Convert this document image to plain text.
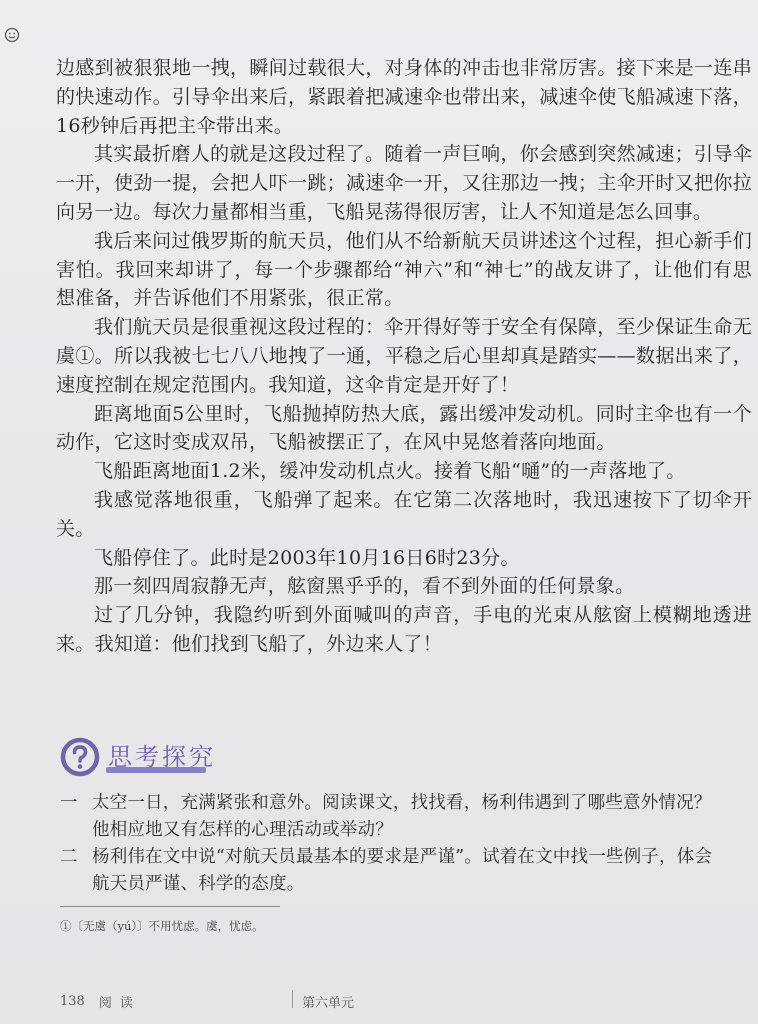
边感到被狠狠地一拽，瞬间过载很大，对身体的冲击也非常厉害。接下来是一连串的快速动作。引导伞出来后，紧跟着把减速伞也带出来，减速伞使飞船减速下落，16秒钟后再把主伞带出来。

其实最折磨人的就是这段过程了。随着一声巨响，你会感到突然减速；引导伞一开，使劲一提，会把人吓一跳；减速伞一开，又往那边一拽；主伞开时又把你拉向另一边。每次力量都相当重，飞船晃荡得很厉害，让人不知道是怎么回事。

我后来问过俄罗斯的航天员，他们从不给新航天员讲述这个过程，担心新手们害怕。我回来却讲了，每一个步骤都给“神六”和“神七”的战友讲了，让他们有思想准备，并告诉他们不用紧张，很正常。

我们航天员是很重视这段过程的：伞开得好等于安全有保障，至少保证生命无虞①。所以我被七七八八地拽了一通，平稳之后心里却真是踏实——数据出来了，速度控制在规定范围内。我知道，这伞肯定是开好了！

距离地面5公里时，飞船抛掉防热大底，露出缓冲发动机。同时主伞也有一个动作，它这时变成双吊，飞船被摆正了，在风中晃悠着落向地面。

飞船距离地面1.2米，缓冲发动机点火。接着飞船“嗵”的一声落地了。

我感觉落地很重，飞船弹了起来。在它第二次落地时，我迅速按下了切伞开关。

飞船停住了。此时是2003年10月16日6时23分。

那一刻四周寂静无声，舷窗黑乎乎的，看不到外面的任何景象。

过了几分钟，我隐约听到外面喊叫的声音，手电的光束从舷窗上模糊地透进来。我知道：他们找到飞船了，外边来人了！

思考探究
一 太空一日，充满紧张和意外。阅读课文，找找看，杨利伟遇到了哪些意外情况？他相应地又有怎样的心理活动或举动？
二 杨利伟在文中说“对航天员最基本的要求是严谨”。试着在文中找一些例子，体会航天员严谨、科学的态度。
①〔无虞（yú）〕不用忧虑。虞，忧虑。
138 阅读	第六单元
